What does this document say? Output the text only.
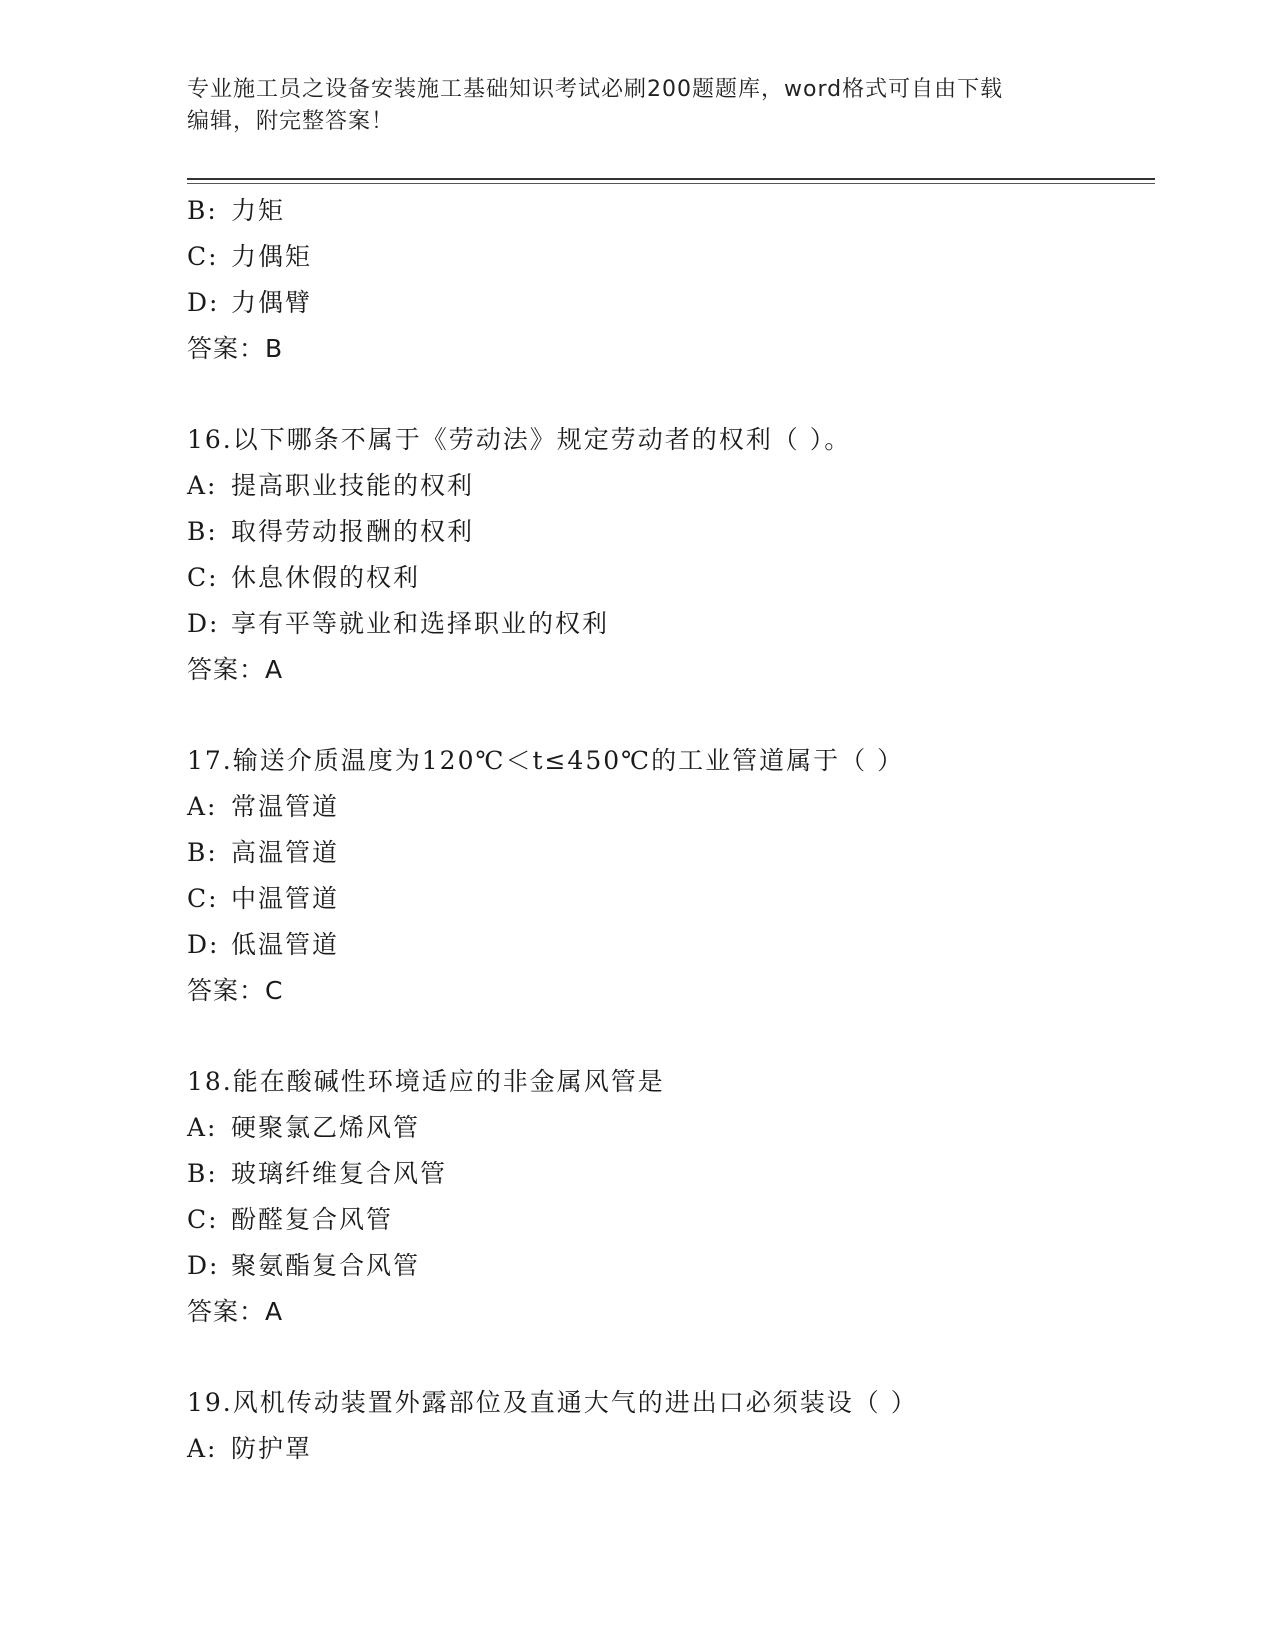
专业施工员之设备安装施工基础知识考试必刷200题题库，word格式可自由下载
编辑，附完整答案！
B: 力矩
C: 力偶矩
D: 力偶臂
答案：B
16.以下哪条不属于《劳动法》规定劳动者的权利（ ）。
A: 提高职业技能的权利
B: 取得劳动报酬的权利
C: 休息休假的权利
D: 享有平等就业和选择职业的权利
答案：A
17.输送介质温度为120℃＜t≤450℃的工业管道属于（ ）
A: 常温管道
B: 高温管道
C: 中温管道
D: 低温管道
答案：C
18.能在酸碱性环境适应的非金属风管是
A: 硬聚氯乙烯风管
B: 玻璃纤维复合风管
C: 酚醛复合风管
D: 聚氨酯复合风管
答案：A
19.风机传动装置外露部位及直通大气的进出口必须装设（ ）
A: 防护罩
